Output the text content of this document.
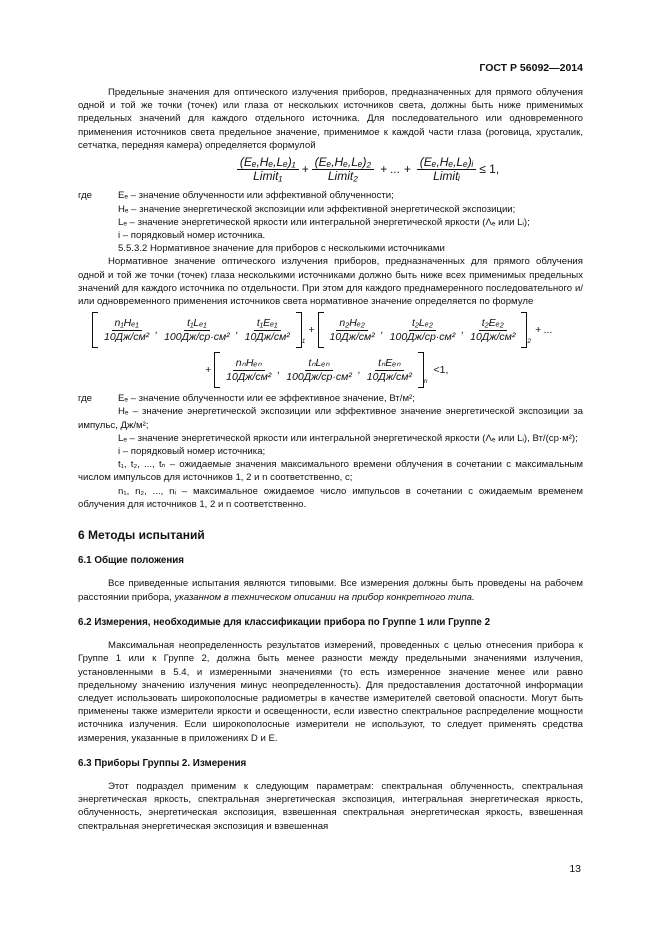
ГОСТ Р 56092—2014

Предельные значения для оптического излучения приборов, предназначенных для прямого облучения одной и той же точки (точек) или глаза от нескольких источников света, должны быть ниже применимых предельных значений для каждого отдельного источника. Для последовательного или одновременного применения источников света предельное значение, применимое к каждой части глаза (роговица, хрусталик, сетчатка, передняя камера) определяется формулой

$\frac{\text{(Eₑ,Hₑ,Lₑ)₁}}{\text{Limit₁}} + \frac{\text{(Eₑ,Hₑ,Lₑ)₂}}{\text{Limit₂}}$ + ... + $\frac{\text{(Eₑ,Hₑ,Lₑ)ᵢ}}{\text{Limitᵢ}} \le 1$,
где	Eₑ – значение облученности или эффективной облученности;
Hₑ – значение энергетической экспозиции или эффективной энергетической экспозиции;
Lₑ – значение энергетической яркости или интегральной энергетической яркости (Λₑ или Lᵢ);
i – порядковый номер источника.
5.5.3.2 Нормативное значение для приборов с несколькими источниками

Нормативное значение оптического излучения приборов, предназначенных для прямого облучения одной и той же точки (точек) глаза несколькими источниками должно быть ниже всех применимых предельных значений для каждого источника по отдельности. При этом для каждого преднамеренного последовательного и/или одновременного применения источников света нормативное значение определяется по формуле

$\frac{\text{n₁Hₑ₁}}{\text{10Дж/см²}}$ , $\frac{\text{t₁Lₑ₁}}{\text{100Дж/ср·см²}}$ , $\frac{\text{t₁Eₑ₁}}{\text{10Дж/см²}} 1$
+ $\frac{\text{n₂Hₑ₂}}{\text{10Дж/см²}}$ , $\frac{\text{t₂Lₑ₂}}{\text{100Дж/ср·см²}}$ , $\frac{\text{t₂Eₑ₂}}{\text{10Дж/см²}} 2$
+ ...
+ $\frac{\text{nₙHₑₙ}}{\text{10Дж/см²}}$ , $\frac{\text{tₙLₑₙ}}{\text{100Дж/ср·см²}}$ , $\frac{\text{tₙEₑₙ}}{\text{10Дж/см²}}$ n
<1,
где	Eₑ – значение облученности или ее эффективное значение, Вт/м²;

Hₑ – значение энергетической экспозиции или эффективное значение энергетической экспозиции за импульс, Дж/м²;

Lₑ – значение энергетической яркости или интегральной энергетической яркости (Λₑ или Lᵢ), Вт/(ср·м²);

i – порядковый номер источника;

t₁, t₂, ..., tₙ – ожидаемые значения максимального времени облучения в сочетании с максимальным числом импульсов для источников 1, 2 и n соответственно, с;

n₁, n₂, ..., nᵢ – максимальное ожидаемое число импульсов в сочетании с ожидаемым временем облучения для источников 1, 2 и n соответственно.

6 Методы испытаний
6.1 Общие положения

Все приведенные испытания являются типовыми. Все измерения должны быть проведены на рабочем расстоянии прибора, указанном в техническом описании на прибор конкретного типа.

6.2 Измерения, необходимые для классификации прибора по Группе 1 или Группе 2

Максимальная неопределенность результатов измерений, проведенных с целью отнесения прибора к Группе 1 или к Группе 2, должна быть менее разности между предельными значениями излучения, установленными в 5.4, и измеренными значениями (то есть измеренное значение менее или равно предельному значению излучения минус неопределенность). Для предоставления достаточной информации следует использовать широкополосные радиометры в качестве измерителей световой опасности. Могут быть применены также измерители яркости и освещенности, если известно спектральное распределение мощности источника излучения. Если широкополосные измерители не используют, то следует применять средства измерения, указанные в приложениях D и E.

6.3 Приборы Группы 2. Измерения

Этот подраздел применим к следующим параметрам: спектральная облученность, спектральная энергетическая яркость, спектральная энергетическая экспозиция, интегральная энергетическая яркость, облученность, энергетическая экспозиция, взвешенная спектральная энергетическая яркость, взвешенная спектральная энергетическая экспозиция и взвешенная

13
